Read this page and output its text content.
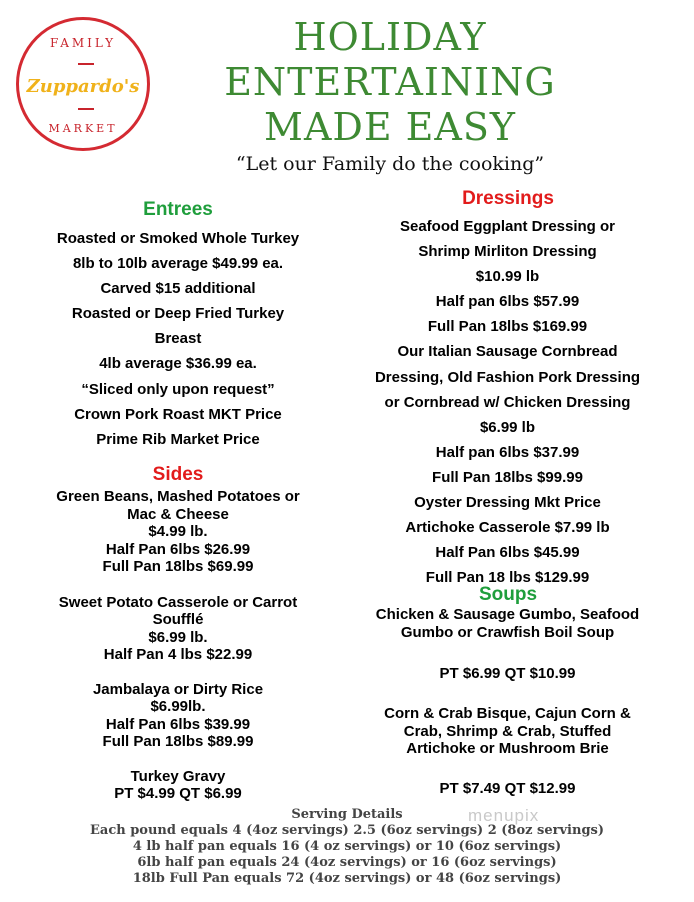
FAMILY
Zuppardo's
MARKET
HOLIDAY
ENTERTAINING
MADE EASY
“Let our Family do the cooking”
Entrees
Roasted or Smoked Whole Turkey
8lb to 10lb average $49.99 ea.
Carved $15 additional
Roasted or Deep Fried Turkey
Breast
4lb average $36.99 ea.
“Sliced only upon request”
Crown Pork Roast MKT Price
Prime Rib Market Price
Sides
Green Beans, Mashed Potatoes or
Mac & Cheese
$4.99 lb.
Half Pan 6lbs $26.99
Full Pan 18lbs $69.99
Sweet Potato Casserole or Carrot
Soufflé
$6.99 lb.
Half Pan 4 lbs $22.99
Jambalaya or Dirty Rice
$6.99lb.
Half Pan 6lbs $39.99
Full Pan 18lbs $89.99
Turkey Gravy
PT $4.99 QT $6.99
Dressings
Seafood Eggplant Dressing or
Shrimp Mirliton Dressing
$10.99 lb
Half pan 6lbs $57.99
Full Pan 18lbs $169.99
Our Italian Sausage Cornbread
Dressing, Old Fashion Pork Dressing
or Cornbread w/ Chicken Dressing
$6.99 lb
Half pan 6lbs $37.99
Full Pan 18lbs $99.99
Oyster Dressing Mkt Price
Artichoke Casserole $7.99 lb
Half Pan 6lbs $45.99
Full Pan 18 lbs $129.99
Soups
Chicken & Sausage Gumbo, Seafood
Gumbo or Crawfish Boil Soup
PT $6.99 QT $10.99
Corn & Crab Bisque, Cajun Corn &
Crab, Shrimp & Crab, Stuffed
Artichoke or Mushroom Brie
PT $7.49 QT $12.99
Serving Details
Each pound equals 4 (4oz servings) 2.5 (6oz servings) 2 (8oz servings)
4 lb half pan equals 16 (4 oz servings) or 10 (6oz servings)
6lb half pan equals 24 (4oz servings) or 16 (6oz servings)
18lb Full Pan equals 72 (4oz servings) or 48 (6oz servings)
menupix
